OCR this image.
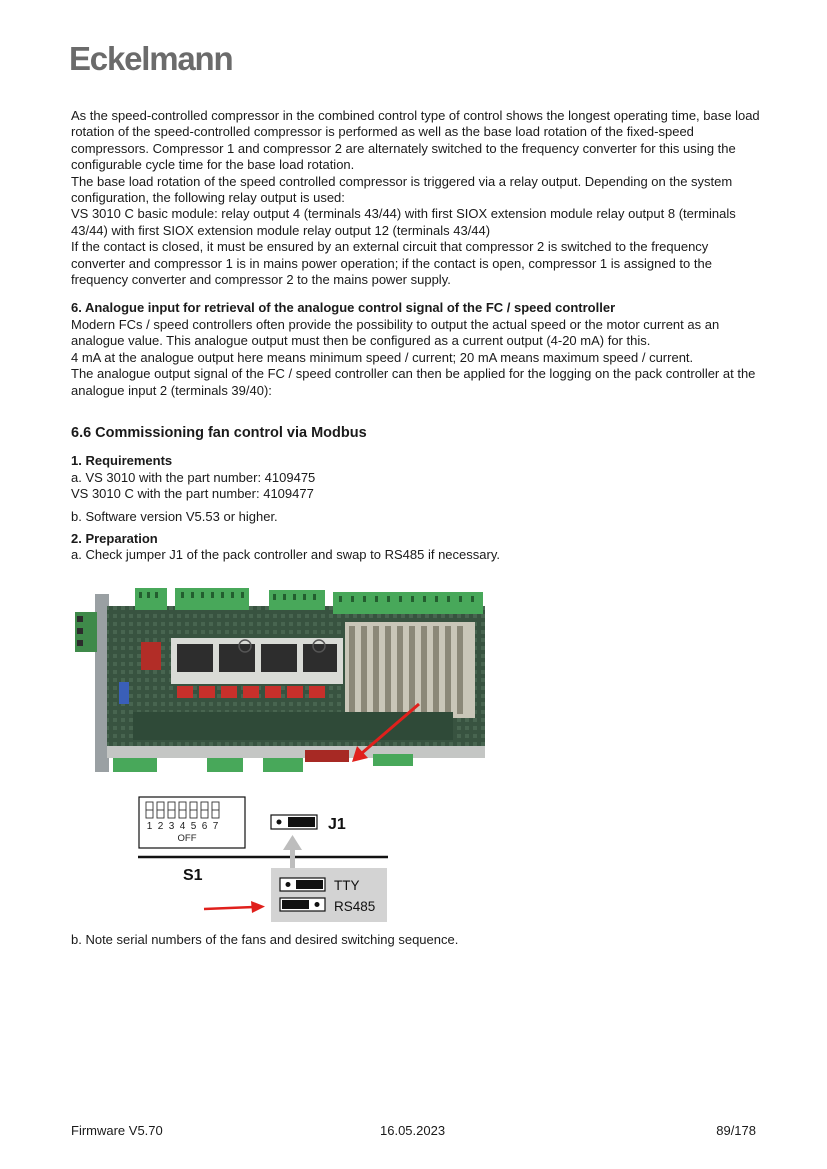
Eckelmann

As the speed-controlled compressor in the combined control type of control shows the longest operating time, base load rotation of the speed-controlled compressor is performed as well as the base load rotation of the fixed-speed compressors. Compressor 1 and compressor 2 are alternately switched to the frequency converter for this using the configurable cycle time for the base load rotation.

The base load rotation of the speed controlled compressor is triggered via a relay output. Depending on the system configuration, the following relay output is used:

VS 3010 C basic module: relay output 4 (terminals 43/44) with first SIOX extension module relay output 8 (terminals 43/44) with first SIOX extension module relay output 12 (terminals 43/44)

If the contact is closed, it must be ensured by an external circuit that compressor 2 is switched to the frequency converter and compressor 1 is in mains power operation; if the contact is open, compressor 1 is assigned to the frequency converter and compressor 2 to the mains power supply.

6. Analogue input for retrieval of the analogue control signal of the FC / speed controller

Modern FCs / speed controllers often provide the possibility to output the actual speed or the motor current as an analogue value. This analogue output must then be configured as a current output (4-20 mA) for this.

4 mA at the analogue output here means minimum speed / current; 20 mA means maximum speed / current.

The analogue output signal of the FC / speed controller can then be applied for the logging on the pack controller at the analogue input 2 (terminals 39/40):

6.6 Commissioning fan control via Modbus

1. Requirements

a. VS 3010 with the part number: 4109475

VS 3010 C with the part number: 4109477

b. Software version V5.53 or higher.

2. Preparation

a. Check jumper J1 of the pack controller and swap to RS485 if necessary.

1 2 3 4 5 6 7
OFF
S1
J1
TTY
RS485

b. Note serial numbers of the fans and desired switching sequence.

Firmware V5.70	16.05.2023	89/178
